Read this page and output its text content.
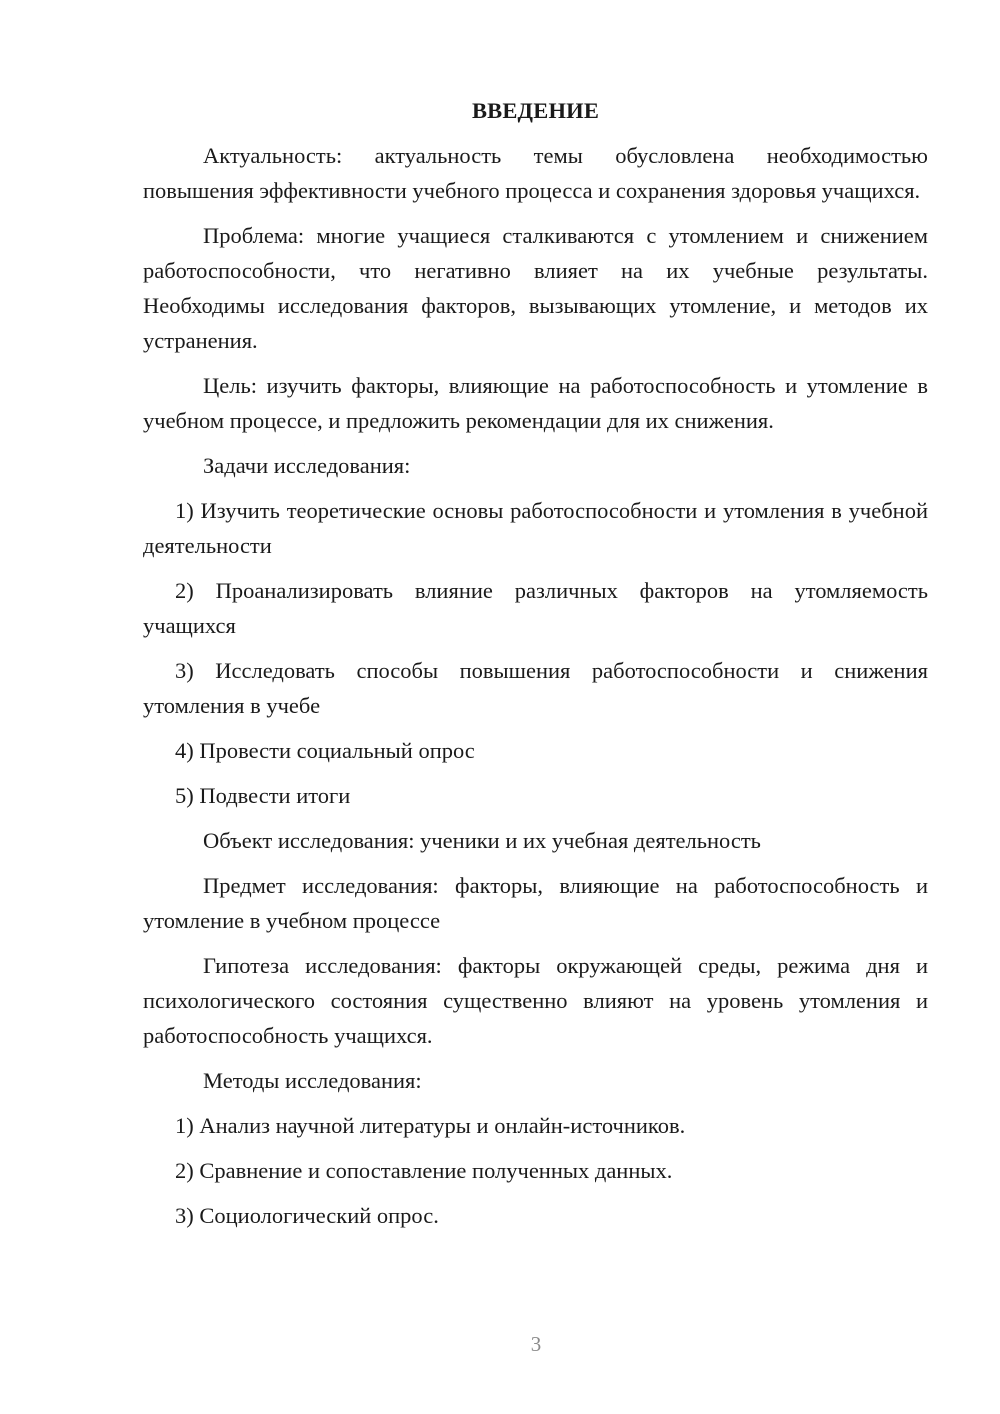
ВВЕДЕНИЕ

Актуальность: актуальность темы обусловлена необходимостью повышения эффективности учебного процесса и сохранения здоровья учащихся.

Проблема: многие учащиеся сталкиваются с утомлением и снижением работоспособности, что негативно влияет на их учебные результаты. Необходимы исследования факторов, вызывающих утомление, и методов их устранения.

Цель: изучить факторы, влияющие на работоспособность и утомление в учебном процессе, и предложить рекомендации для их снижения.

Задачи исследования:

1) Изучить теоретические основы работоспособности и утомления в учебной деятельности

2) Проанализировать влияние различных факторов на утомляемость учащихся

3) Исследовать способы повышения работоспособности и снижения утомления в учебе

4) Провести социальный опрос

5) Подвести итоги

Объект исследования: ученики и их учебная деятельность

Предмет исследования: факторы, влияющие на работоспособность и утомление в учебном процессе

Гипотеза исследования: факторы окружающей среды, режима дня и психологического состояния существенно влияют на уровень утомления и работоспособность учащихся.

Методы исследования:

1) Анализ научной литературы и онлайн-источников.

2) Сравнение и сопоставление полученных данных.

3) Социологический опрос.

3
